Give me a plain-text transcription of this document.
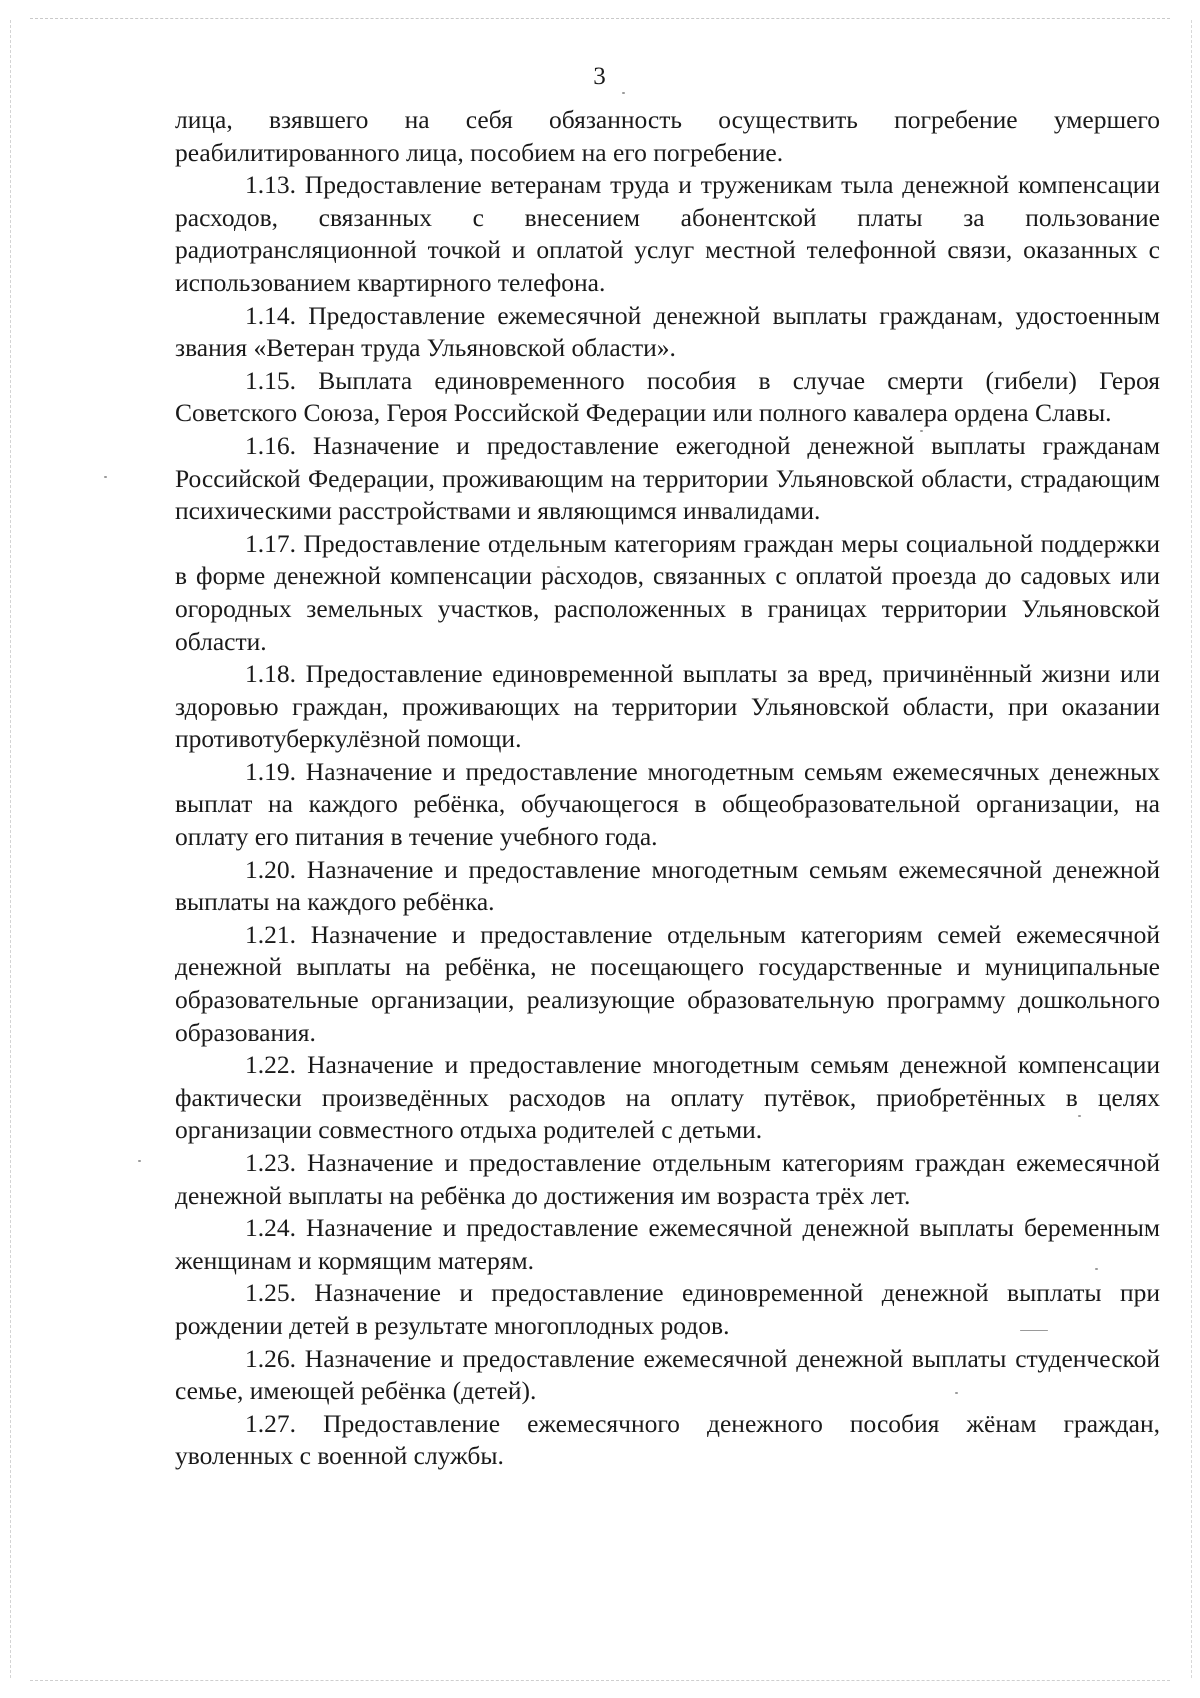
3

лица, взявшего на себя обязанность осуществить погребение умершего реабилитированного лица, пособием на его погребение.

1.13. Предоставление ветеранам труда и труженикам тыла денежной компенсации расходов, связанных с внесением абонентской платы за пользование радиотрансляционной точкой и оплатой услуг местной телефонной связи, оказанных с использованием квартирного телефона.

1.14. Предоставление ежемесячной денежной выплаты гражданам, удостоенным звания «Ветеран труда Ульяновской области».

1.15. Выплата единовременного пособия в случае смерти (гибели) Героя Советского Союза, Героя Российской Федерации или полного кавалера ордена Славы.

1.16. Назначение и предоставление ежегодной денежной выплаты гражданам Российской Федерации, проживающим на территории Ульяновской области, страдающим психическими расстройствами и являющимся инвалидами.

1.17. Предоставление отдельным категориям граждан меры социальной поддержки в форме денежной компенсации расходов, связанных с оплатой проезда до садовых или огородных земельных участков, расположенных в границах территории Ульяновской области.

1.18. Предоставление единовременной выплаты за вред, причинённый жизни или здоровью граждан, проживающих на территории Ульяновской области, при оказании противотуберкулёзной помощи.

1.19. Назначение и предоставление многодетным семьям ежемесячных денежных выплат на каждого ребёнка, обучающегося в общеобразовательной организации, на оплату его питания в течение учебного года.

1.20. Назначение и предоставление многодетным семьям ежемесячной денежной выплаты на каждого ребёнка.

1.21. Назначение и предоставление отдельным категориям семей ежемесячной денежной выплаты на ребёнка, не посещающего государственные и муниципальные образовательные организации, реализующие образовательную программу дошкольного образования.

1.22. Назначение и предоставление многодетным семьям денежной компенсации фактически произведённых расходов на оплату путёвок, приобретённых в целях организации совместного отдыха родителей с детьми.

1.23. Назначение и предоставление отдельным категориям граждан ежемесячной денежной выплаты на ребёнка до достижения им возраста трёх лет.

1.24. Назначение и предоставление ежемесячной денежной выплаты беременным женщинам и кормящим матерям.

1.25. Назначение и предоставление единовременной денежной выплаты при рождении детей в результате многоплодных родов.

1.26. Назначение и предоставление ежемесячной денежной выплаты студенческой семье, имеющей ребёнка (детей).

1.27. Предоставление ежемесячного денежного пособия жёнам граждан, уволенных с военной службы.
